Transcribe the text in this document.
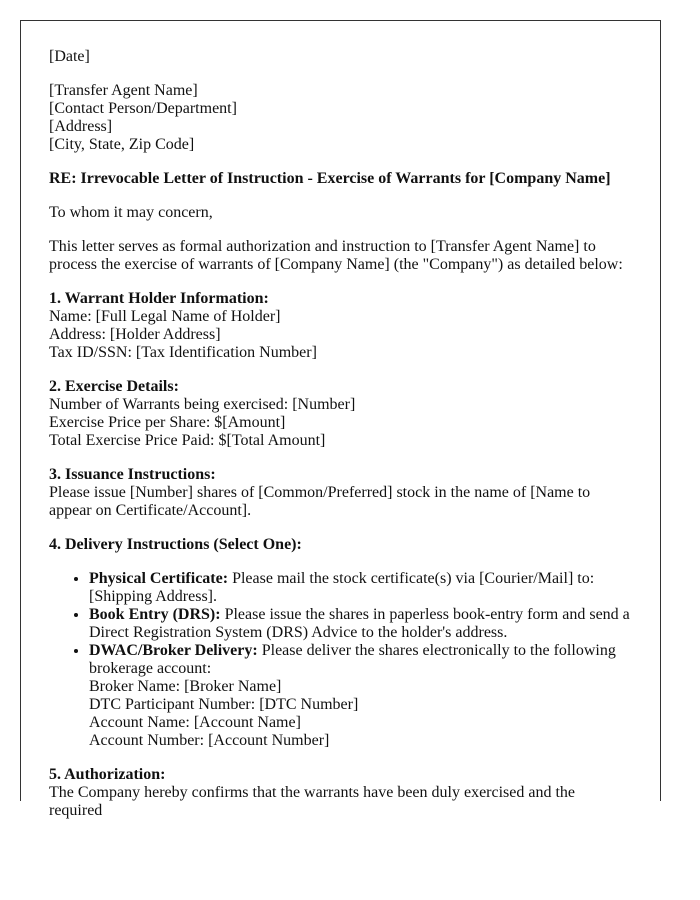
[Date]

[Transfer Agent Name]
[Contact Person/Department]
[Address]
[City, State, Zip Code]

RE: Irrevocable Letter of Instruction - Exercise of Warrants for [Company Name]

To whom it may concern,

This letter serves as formal authorization and instruction to [Transfer Agent Name] to process the exercise of warrants of [Company Name] (the "Company") as detailed below:

1. Warrant Holder Information:
Name: [Full Legal Name of Holder]
Address: [Holder Address]
Tax ID/SSN: [Tax Identification Number]

2. Exercise Details:
Number of Warrants being exercised: [Number]
Exercise Price per Share: $[Amount]
Total Exercise Price Paid: $[Total Amount]

3. Issuance Instructions:
Please issue [Number] shares of [Common/Preferred] stock in the name of [Name to appear on Certificate/Account].

4. Delivery Instructions (Select One):

• Physical Certificate: Please mail the stock certificate(s) via [Courier/Mail] to: [Shipping Address].
• Book Entry (DRS): Please issue the shares in paperless book-entry form and send a Direct Registration System (DRS) Advice to the holder's address.
• DWAC/Broker Delivery: Please deliver the shares electronically to the following brokerage account:
Broker Name: [Broker Name]
DTC Participant Number: [DTC Number]
Account Name: [Account Name]
Account Number: [Account Number]

5. Authorization:
The Company hereby confirms that the warrants have been duly exercised and the required
